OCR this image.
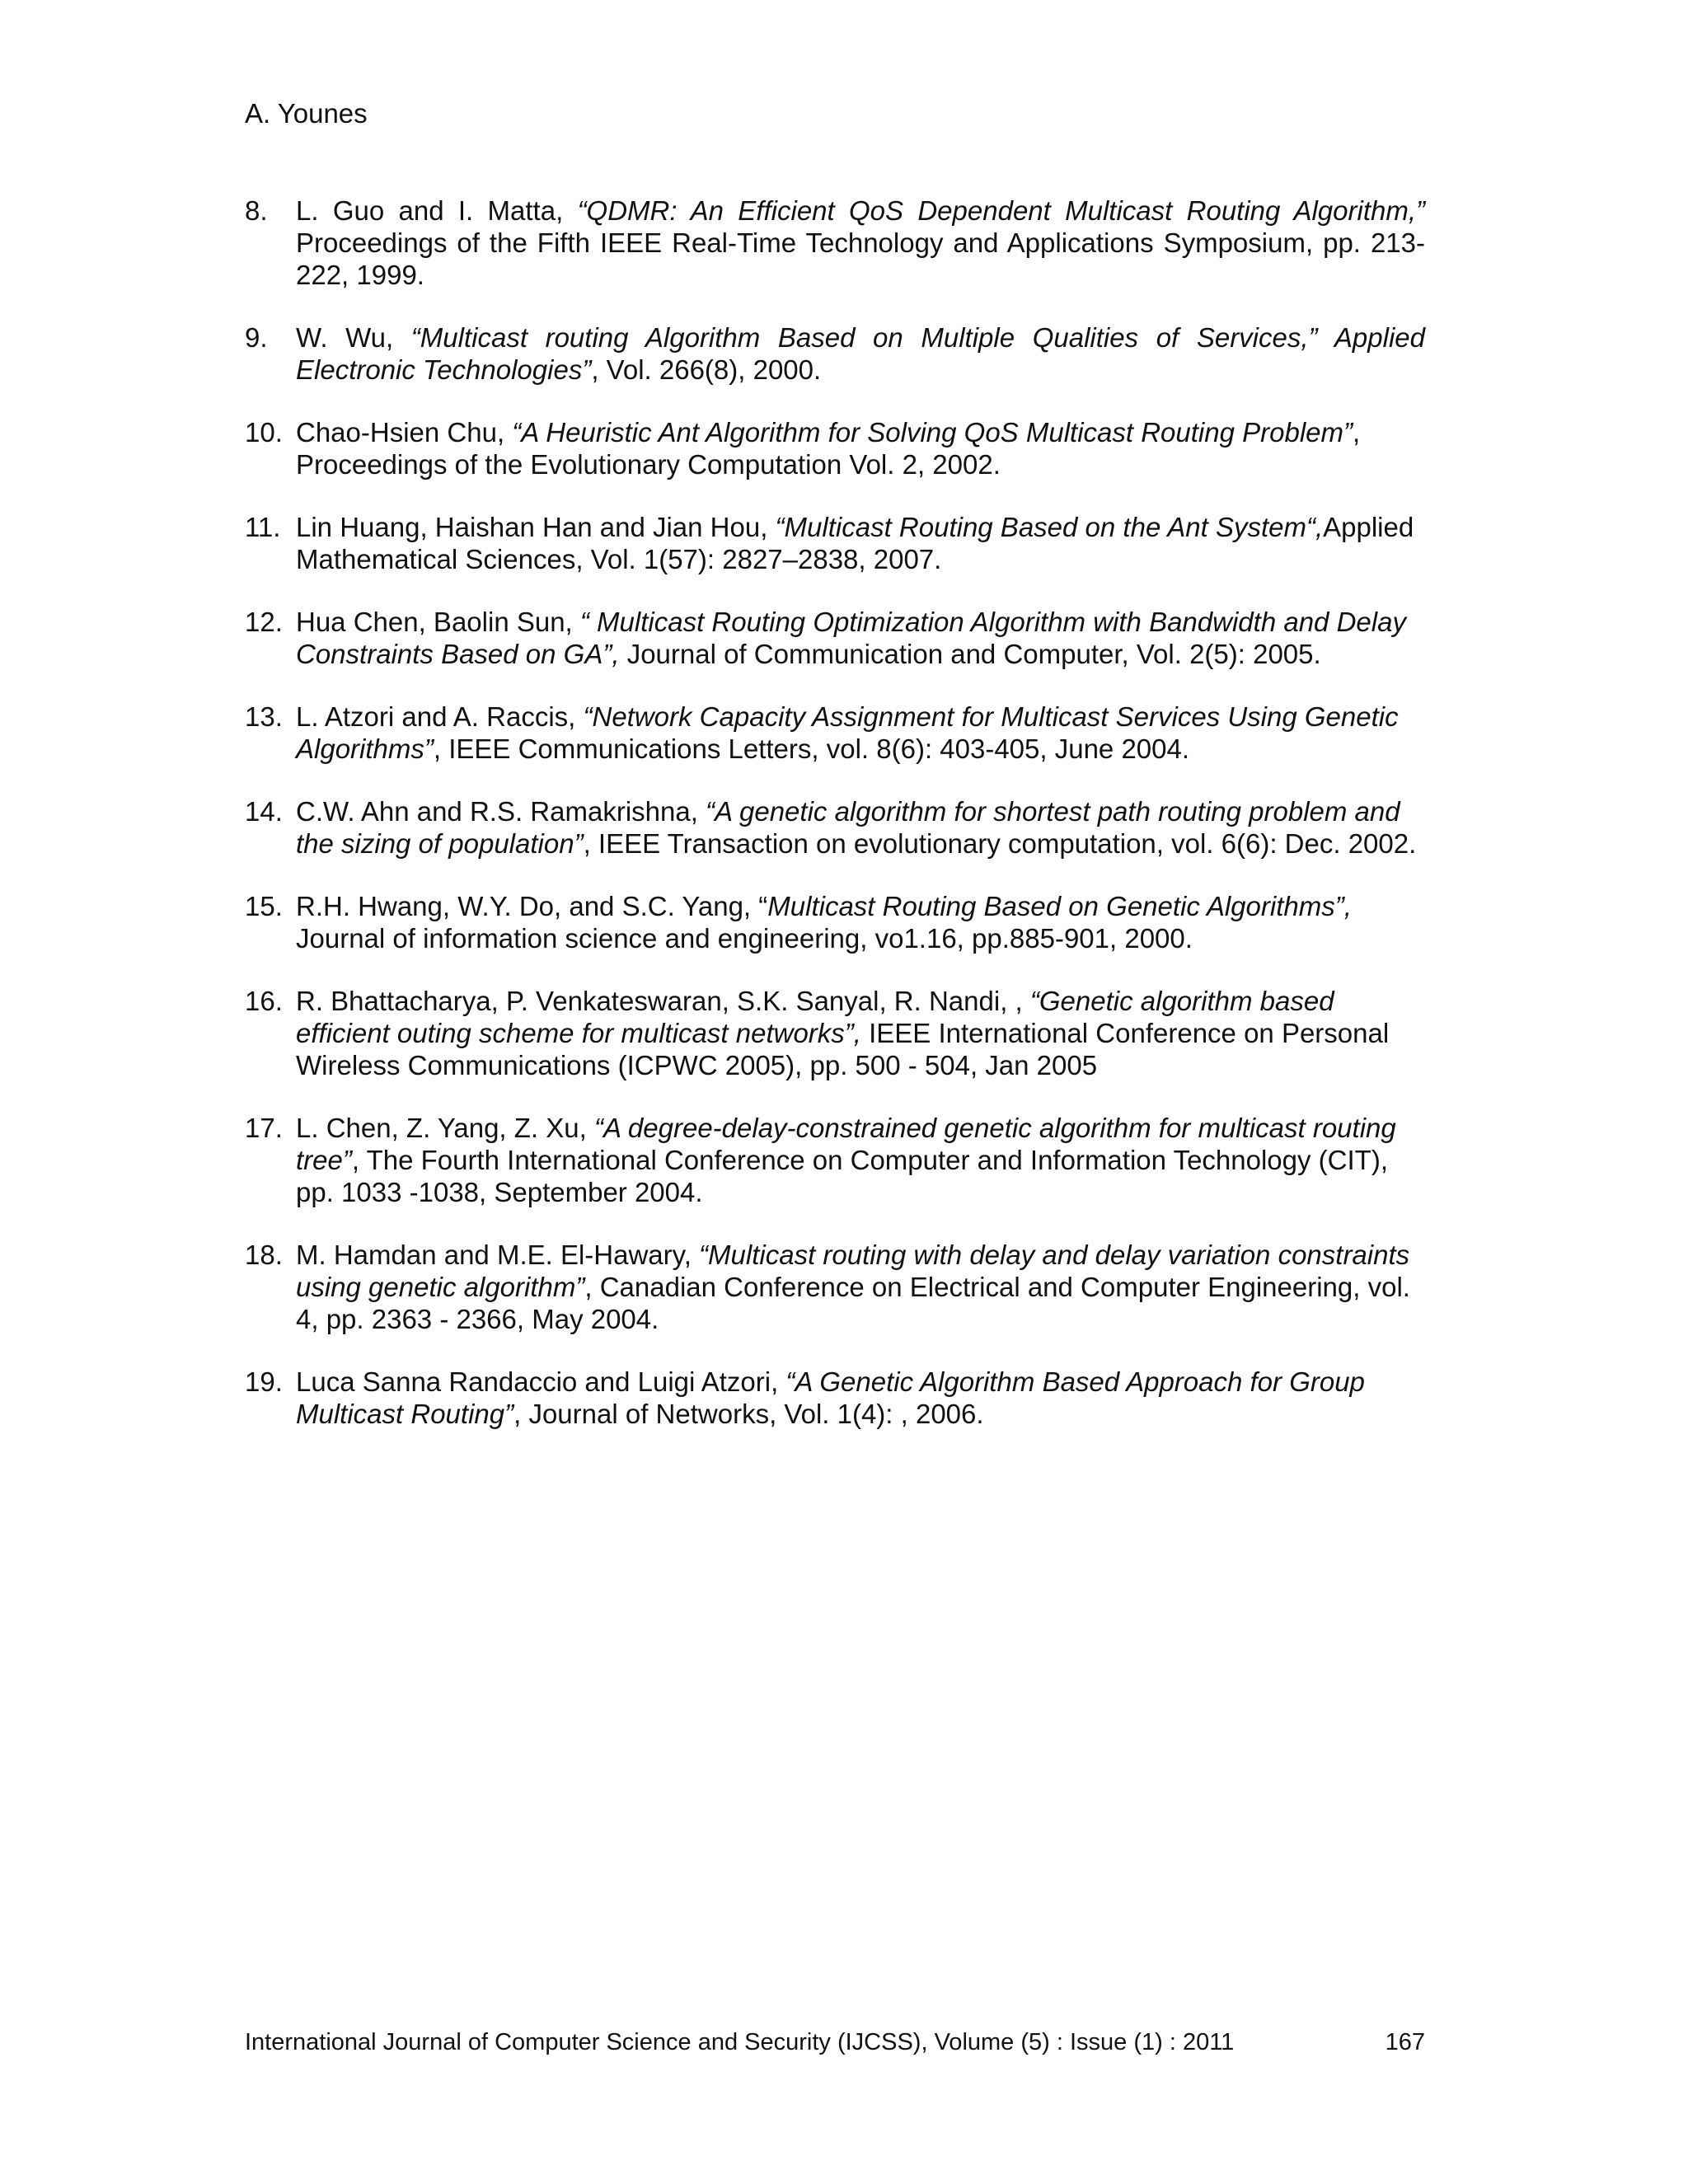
A. Younes
8. L. Guo and I. Matta, “QDMR: An Efficient QoS Dependent Multicast Routing Algorithm,” Proceedings of the Fifth IEEE Real-Time Technology and Applications Symposium, pp. 213-222, 1999.
9. W. Wu, “Multicast routing Algorithm Based on Multiple Qualities of Services,” Applied Electronic Technologies”, Vol. 266(8), 2000.
10. Chao-Hsien Chu, “A Heuristic Ant Algorithm for Solving QoS Multicast Routing Problem”, Proceedings of the Evolutionary Computation Vol. 2, 2002.
11. Lin Huang, Haishan Han and Jian Hou, “Multicast Routing Based on the Ant System“,Applied Mathematical Sciences, Vol. 1(57): 2827–2838, 2007.
12. Hua Chen, Baolin Sun, “ Multicast Routing Optimization Algorithm with Bandwidth and Delay Constraints Based on GA”, Journal of Communication and Computer, Vol. 2(5): 2005.
13. L. Atzori and A. Raccis, “Network Capacity Assignment for Multicast Services Using Genetic Algorithms”, IEEE Communications Letters, vol. 8(6): 403-405, June 2004.
14. C.W. Ahn and R.S. Ramakrishna, “A genetic algorithm for shortest path routing problem and the sizing of population”, IEEE Transaction on evolutionary computation, vol. 6(6): Dec. 2002.
15. R.H. Hwang, W.Y. Do, and S.C. Yang, “Multicast Routing Based on Genetic Algorithms”, Journal of information science and engineering, vo1.16, pp.885-901, 2000.
16. R. Bhattacharya, P. Venkateswaran, S.K. Sanyal, R. Nandi, , “Genetic algorithm based efficient outing scheme for multicast networks”, IEEE International Conference on Personal Wireless Communications (ICPWC 2005), pp. 500 - 504, Jan 2005
17. L. Chen, Z. Yang, Z. Xu, “A degree-delay-constrained genetic algorithm for multicast routing tree”, The Fourth International Conference on Computer and Information Technology (CIT), pp. 1033 -1038, September 2004.
18. M. Hamdan and M.E. El-Hawary, “Multicast routing with delay and delay variation constraints using genetic algorithm”, Canadian Conference on Electrical and Computer Engineering, vol. 4, pp. 2363 - 2366, May 2004.
19. Luca Sanna Randaccio and Luigi Atzori, “A Genetic Algorithm Based Approach for Group Multicast Routing”, Journal of Networks, Vol. 1(4): , 2006.
International Journal of Computer Science and Security (IJCSS), Volume (5) : Issue (1) : 2011	167
